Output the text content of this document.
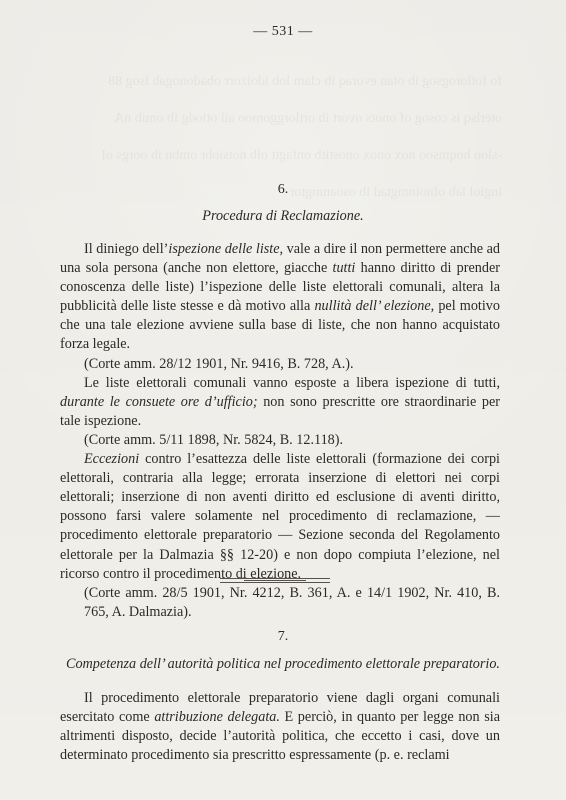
fo fotlorogsog ib otan evoraq ib clam lob idoizorr obadonogab lsog 88

oterlsq is cosog of onots ovort ib ortlorggomoo ail otiodg ib omib nA

-sloo hoqmsoo nox onox onostitb onfagtt olb notsiobr ombn ib oorgs oI

ingiol iab ofnoinmgtad ib osoanmgtor

— 531 —
6.
Procedura di Reclamazione.

Il diniego dell’ispezione delle liste, vale a dire il non permettere anche ad una sola persona (anche non elettore, giacche tutti hanno diritto di prender conoscenza delle liste) l’ispezione delle liste elettorali comunali, altera la pubblicità delle liste stesse e dà motivo alla nullità dell’ elezione, pel motivo che una tale elezione avviene sulla base di liste, che non hanno acquistato forza legale.

(Corte amm. 28/12 1901, Nr. 9416, B. 728, A.).

Le liste elettorali comunali vanno esposte a libera ispezione di tutti, durante le consuete ore d’ufficio; non sono prescritte ore straordinarie per tale ispezione.

(Corte amm. 5/11 1898, Nr. 5824, B. 12.118).

Eccezioni contro l’esattezza delle liste elettorali (formazione dei corpi elettorali, contraria alla legge; errorata inserzione di elettori nei corpi elettorali; inserzione di non aventi diritto ed esclusione di aventi diritto, possono farsi valere solamente nel procedimento di reclamazione, — procedimento elettorale preparatorio — Sezione seconda del Regolamento elettorale per la Dalmazia §§ 12-20) e non dopo compiuta l’elezione, nel ricorso contro il procedimento di elezione.

(Corte amm. 28/5 1901, Nr. 4212, B. 361, A. e 14/1 1902, Nr. 410, B. 765, A. Dalmazia).

7.
Competenza dell’ autorità politica nel procedimento elettorale preparatorio.

Il procedimento elettorale preparatorio viene dagli organi comunali esercitato come attribuzione delegata. E perciò, in quanto per legge non sia altrimenti disposto, decide l’autorità politica, che eccetto i casi, dove un determinato procedimento sia prescritto espressamente (p. e. reclami
